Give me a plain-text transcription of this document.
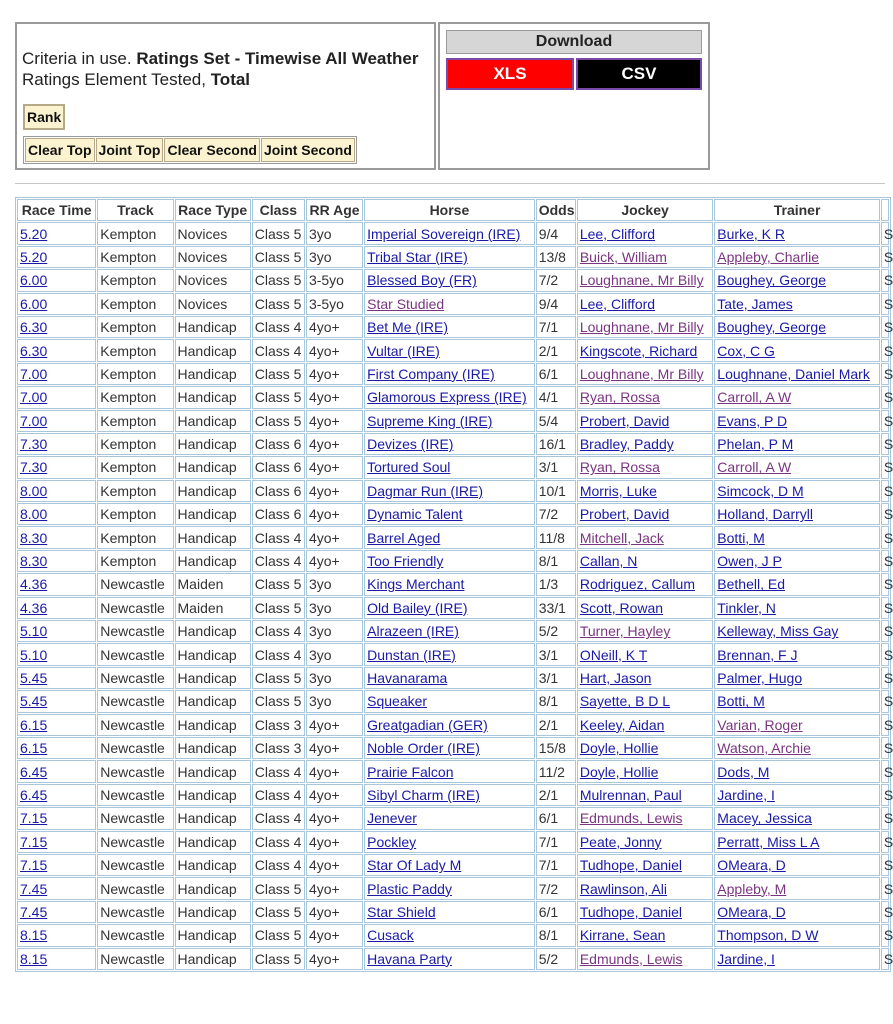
Criteria in use. Ratings Set - Timewise All Weather
Ratings Element Tested, Total
Rank
Clear Top Joint Top Clear Second Joint Second
Download
XLS	CSV
Race Time	Track	Race Type	Class	RR Age	Horse	Odds	Jockey	Trainer	
5.20	Kempton	Novices	Class 5	3yo	Imperial Sovereign (IRE)	9/4	Lee, Clifford	Burke, K R	S
5.20	Kempton	Novices	Class 5	3yo	Tribal Star (IRE)	13/8	Buick, William	Appleby, Charlie	S
6.00	Kempton	Novices	Class 5	3-5yo	Blessed Boy (FR)	7/2	Loughnane, Mr Billy	Boughey, George	S
6.00	Kempton	Novices	Class 5	3-5yo	Star Studied	9/4	Lee, Clifford	Tate, James	S
6.30	Kempton	Handicap	Class 4	4yo+	Bet Me (IRE)	7/1	Loughnane, Mr Billy	Boughey, George	S
6.30	Kempton	Handicap	Class 4	4yo+	Vultar (IRE)	2/1	Kingscote, Richard	Cox, C G	S
7.00	Kempton	Handicap	Class 5	4yo+	First Company (IRE)	6/1	Loughnane, Mr Billy	Loughnane, Daniel Mark	S
7.00	Kempton	Handicap	Class 5	4yo+	Glamorous Express (IRE)	4/1	Ryan, Rossa	Carroll, A W	S
7.00	Kempton	Handicap	Class 5	4yo+	Supreme King (IRE)	5/4	Probert, David	Evans, P D	S
7.30	Kempton	Handicap	Class 6	4yo+	Devizes (IRE)	16/1	Bradley, Paddy	Phelan, P M	S
7.30	Kempton	Handicap	Class 6	4yo+	Tortured Soul	3/1	Ryan, Rossa	Carroll, A W	S
8.00	Kempton	Handicap	Class 6	4yo+	Dagmar Run (IRE)	10/1	Morris, Luke	Simcock, D M	S
8.00	Kempton	Handicap	Class 6	4yo+	Dynamic Talent	7/2	Probert, David	Holland, Darryll	S
8.30	Kempton	Handicap	Class 4	4yo+	Barrel Aged	11/8	Mitchell, Jack	Botti, M	S
8.30	Kempton	Handicap	Class 4	4yo+	Too Friendly	8/1	Callan, N	Owen, J P	S
4.36	Newcastle	Maiden	Class 5	3yo	Kings Merchant	1/3	Rodriguez, Callum	Bethell, Ed	S
4.36	Newcastle	Maiden	Class 5	3yo	Old Bailey (IRE)	33/1	Scott, Rowan	Tinkler, N	S
5.10	Newcastle	Handicap	Class 4	3yo	Alrazeen (IRE)	5/2	Turner, Hayley	Kelleway, Miss Gay	S
5.10	Newcastle	Handicap	Class 4	3yo	Dunstan (IRE)	3/1	ONeill, K T	Brennan, F J	S
5.45	Newcastle	Handicap	Class 5	3yo	Havanarama	3/1	Hart, Jason	Palmer, Hugo	S
5.45	Newcastle	Handicap	Class 5	3yo	Squeaker	8/1	Sayette, B D L	Botti, M	S
6.15	Newcastle	Handicap	Class 3	4yo+	Greatgadian (GER)	2/1	Keeley, Aidan	Varian, Roger	S
6.15	Newcastle	Handicap	Class 3	4yo+	Noble Order (IRE)	15/8	Doyle, Hollie	Watson, Archie	S
6.45	Newcastle	Handicap	Class 4	4yo+	Prairie Falcon	11/2	Doyle, Hollie	Dods, M	S
6.45	Newcastle	Handicap	Class 4	4yo+	Sibyl Charm (IRE)	2/1	Mulrennan, Paul	Jardine, I	S
7.15	Newcastle	Handicap	Class 4	4yo+	Jenever	6/1	Edmunds, Lewis	Macey, Jessica	S
7.15	Newcastle	Handicap	Class 4	4yo+	Pockley	7/1	Peate, Jonny	Perratt, Miss L A	S
7.15	Newcastle	Handicap	Class 4	4yo+	Star Of Lady M	7/1	Tudhope, Daniel	OMeara, D	S
7.45	Newcastle	Handicap	Class 5	4yo+	Plastic Paddy	7/2	Rawlinson, Ali	Appleby, M	S
7.45	Newcastle	Handicap	Class 5	4yo+	Star Shield	6/1	Tudhope, Daniel	OMeara, D	S
8.15	Newcastle	Handicap	Class 5	4yo+	Cusack	8/1	Kirrane, Sean	Thompson, D W	S
8.15	Newcastle	Handicap	Class 5	4yo+	Havana Party	5/2	Edmunds, Lewis	Jardine, I	S
